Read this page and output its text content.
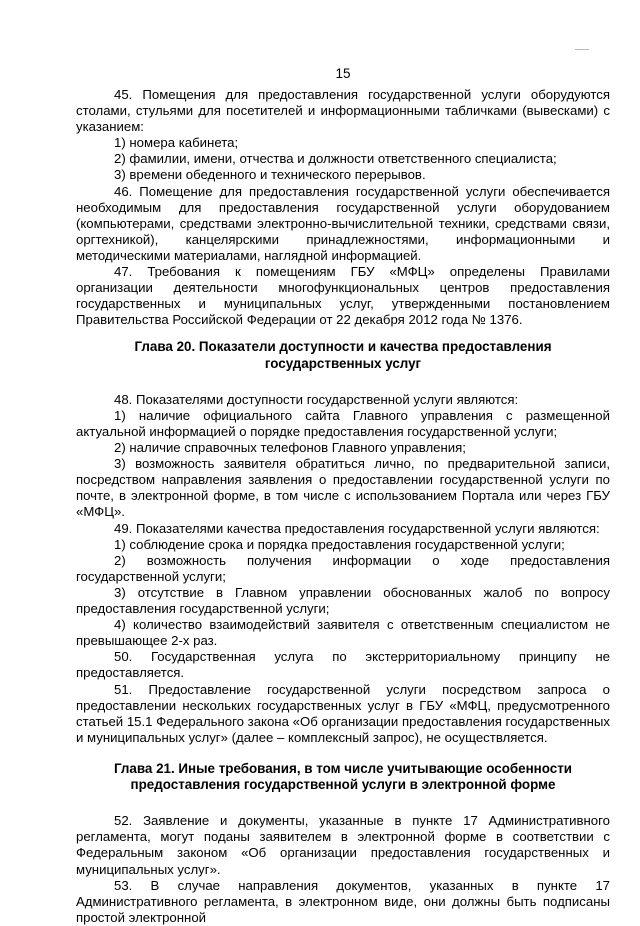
15

45. Помещения для предоставления государственной услуги оборудуются столами, стульями для посетителей и информационными табличками (вывесками) с указанием:

1) номера кабинета;

2) фамилии, имени, отчества и должности ответственного специалиста;

3) времени обеденного и технического перерывов.

46. Помещение для предоставления государственной услуги обеспечивается необходимым для предоставления государственной услуги оборудованием (компьютерами, средствами электронно-вычислительной техники, средствами связи, оргтехникой), канцелярскими принадлежностями, информационными и методическими материалами, наглядной информацией.

47. Требования к помещениям ГБУ «МФЦ» определены Правилами организации деятельности многофункциональных центров предоставления государственных и муниципальных услуг, утвержденными постановлением Правительства Российской Федерации от 22 декабря 2012 года № 1376.

Глава 20. Показатели доступности и качества предоставления государственных услуг

48. Показателями доступности государственной услуги являются:

1) наличие официального сайта Главного управления с размещенной актуальной информацией о порядке предоставления государственной услуги;

2) наличие справочных телефонов Главного управления;

3) возможность заявителя обратиться лично, по предварительной записи, посредством направления заявления о предоставлении государственной услуги по почте, в электронной форме, в том числе с использованием Портала или через ГБУ «МФЦ».

49. Показателями качества предоставления государственной услуги являются:

1) соблюдение срока и порядка предоставления государственной услуги;

2) возможность получения информации о ходе предоставления государственной услуги;

3) отсутствие в Главном управлении обоснованных жалоб по вопросу предоставления государственной услуги;

4) количество взаимодействий заявителя с ответственным специалистом не превышающее 2-х раз.

50. Государственная услуга по экстерриториальному принципу не предоставляется.

51. Предоставление государственной услуги посредством запроса о предоставлении нескольких государственных услуг в ГБУ «МФЦ, предусмотренного статьей 15.1 Федерального закона «Об организации предоставления государственных и муниципальных услуг» (далее – комплексный запрос), не осуществляется.

Глава 21. Иные требования, в том числе учитывающие особенности предоставления государственной услуги в электронной форме

52. Заявление и документы, указанные в пункте 17 Административного регламента, могут поданы заявителем в электронной форме в соответствии с Федеральным законом «Об организации предоставления государственных и муниципальных услуг».

53. В случае направления документов, указанных в пункте 17 Административного регламента, в электронном виде, они должны быть подписаны простой электронной
